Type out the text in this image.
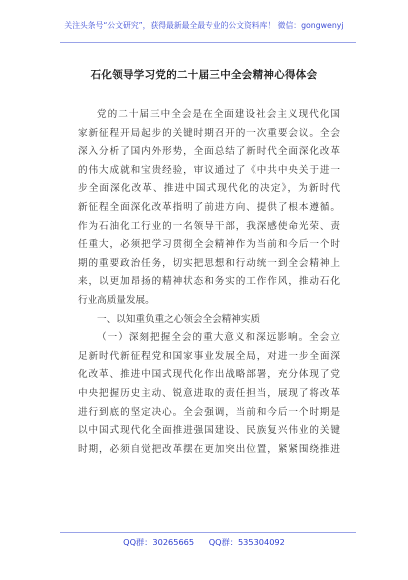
关注头条号“公文研究”，获得最新最全最专业的公文资料库！ 微信：gongwenyj
石化领导学习党的二十届三中全会精神心得体会
党的二十届三中全会是在全面建设社会主义现代化国
家新征程开局起步的关键时期召开的一次重要会议。全会
深入分析了国内外形势，全面总结了新时代全面深化改革
的伟大成就和宝贵经验，审议通过了《中共中央关于进一
步全面深化改革、推进中国式现代化的决定》，为新时代
新征程全面深化改革指明了前进方向、提供了根本遵循。
作为石油化工行业的一名领导干部，我深感使命光荣、责
任重大，必须把学习贯彻全会精神作为当前和今后一个时
期的重要政治任务，切实把思想和行动统一到全会精神上
来，以更加昂扬的精神状态和务实的工作作风，推动石化
行业高质量发展。
一、以知重负重之心领会全会精神实质
（一）深刻把握全会的重大意义和深远影响。全会立
足新时代新征程党和国家事业发展全局，对进一步全面深
化改革、推进中国式现代化作出战略部署，充分体现了党
中央把握历史主动、锐意进取的责任担当，展现了将改革
进行到底的坚定决心。全会强调，当前和今后一个时期是
以中国式现代化全面推进强国建设、民族复兴伟业的关键
时期，必须自觉把改革摆在更加突出位置，紧紧围绕推进
QQ群：30265665 QQ群：535304092
